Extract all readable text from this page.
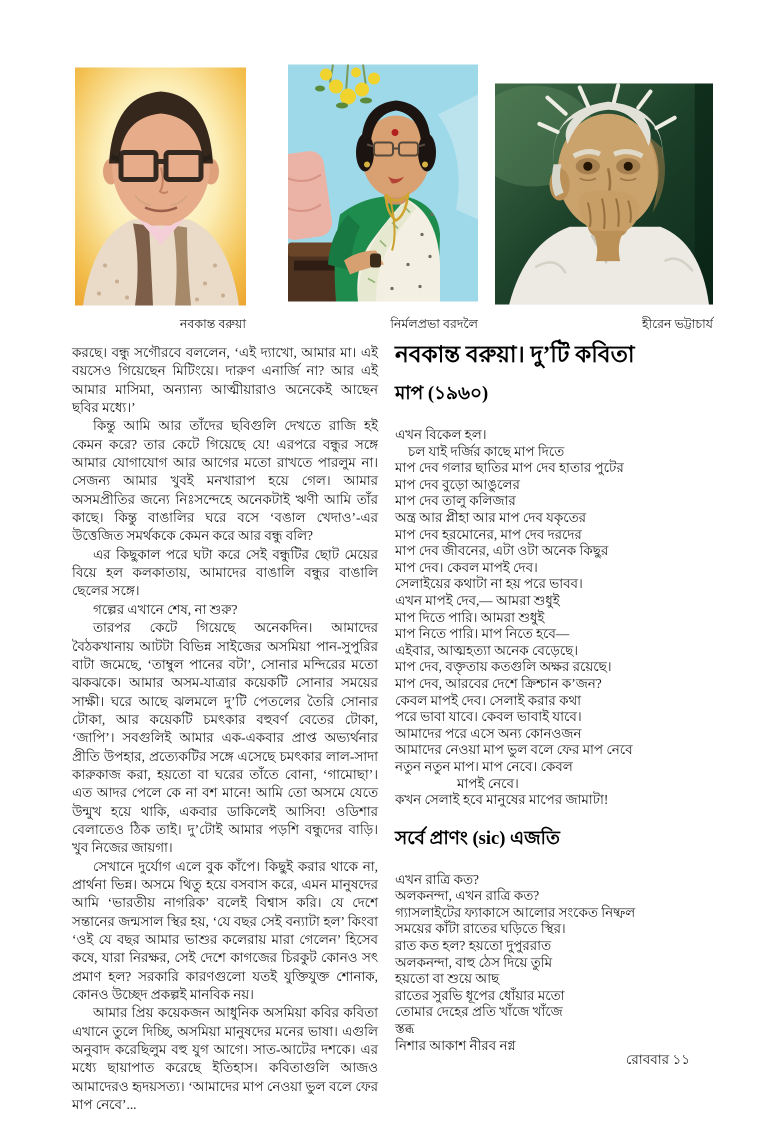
নবকান্ত বরুয়া	নির্মলপ্রভা বরদলৈ	হীরেন ভট্টাচার্য
করছে। বন্ধু সগৌরবে বললেন, ‘এই দ্যাখো, আমার মা। এই বয়সেও গিয়েছেন মিটিংয়ে। দারুণ এনার্জি না? আর এই আমার মাসিমা, অন্যান্য আত্মীয়ারাও অনেকেই আছেন ছবির মধ্যে।’
কিন্তু আমি আর তাঁদের ছবিগুলি দেখতে রাজি হই কেমন করে? তার কেটে গিয়েছে যে! এরপরে বন্ধুর সঙ্গে আমার যোগাযোগ আর আগের মতো রাখতে পারলুম না। সেজন্য আমার খুবই মনখারাপ হয়ে গেল। আমার অসমপ্রীতির জন্যে নিঃসন্দেহে অনেকটাই ঋণী আমি তাঁর কাছে। কিন্তু বাঙালির ঘরে বসে ‘বঙাল খেদাও’-এর উত্তেজিত সমর্থককে কেমন করে আর বন্ধু বলি?
এর কিছুকাল পরে ঘটা করে সেই বন্ধুটির ছোট মেয়ের বিয়ে হল কলকাতায়, আমাদের বাঙালি বন্ধুর বাঙালি ছেলের সঙ্গে।
গল্পের এখানে শেষ, না শুরু?
তারপর কেটে গিয়েছে অনেকদিন। আমাদের বৈঠকখানায় আটটা বিভিন্ন সাইজের অসমিয়া পান-সুপুরির বাটা জমেছে, ‘তাম্বুল পানের বটা’, সোনার মন্দিরের মতো ঝকঝকে। আমার অসম-যাত্রার কয়েকটি সোনার সময়ের সাক্ষী। ঘরে আছে ঝলমলে দু’টি পেতলের তৈরি সোনার টোকা, আর কয়েকটি চমৎকার বহুবর্ণ বেতের টোকা, ‘জাপি’। সবগুলিই আমার এক-একবার প্রাপ্ত অভ্যর্থনার প্রীতি উপহার, প্রত্যেকটির সঙ্গে এসেছে চমৎকার লাল-সাদা কারুকাজ করা, হয়তো বা ঘরের তাঁতে বোনা, ‘গামোছা’। এত আদর পেলে কে না বশ মানে! আমি তো অসমে যেতে উন্মুখ হয়ে থাকি, একবার ডাকিলেই আসিব! ওডিশার বেলাতেও ঠিক তাই। দু’টোই আমার পড়শি বন্ধুদের বাড়ি। খুব নিজের জায়গা।
সেখানে দুর্যোগ এলে বুক কাঁপে। কিছুই করার থাকে না, প্রার্থনা ভিন্ন। অসমে থিতু হয়ে বসবাস করে, এমন মানুষদের আমি ‘ভারতীয় নাগরিক’ বলেই বিশ্বাস করি। যে দেশে সন্তানের জন্মসাল স্থির হয়, ‘যে বছর সেই বন্যাটা হল’ কিংবা ‘ওই যে বছর আমার ভাশুর কলেরায় মারা গেলেন’ হিসেব কষে, যারা নিরক্ষর, সেই দেশে কাগজের চিরকুট কোনও সৎ প্রমাণ হল? সরকারি কারণগুলো যতই যুক্তিযুক্ত শোনাক, কোনও উচ্ছেদ প্রকল্পই মানবিক নয়।
আমার প্রিয় কয়েকজন আধুনিক অসমিয়া কবির কবিতা এখানে তুলে দিচ্ছি, অসমিয়া মানুষদের মনের ভাষা। এগুলি অনুবাদ করেছিলুম বহু যুগ আগে। সাত-আটের দশকে। এর মধ্যে ছায়াপাত করেছে ইতিহাস। কবিতাগুলি আজও আমাদেরও হৃদয়সত্য। ‘আমাদের মাপ নেওয়া ভুল বলে ফের মাপ নেবে’...
নবকান্ত বরুয়া। দু’টি কবিতা
মাপ (১৯৬০)
এখন বিকেল হল।
চল যাই দর্জির কাছে মাপ দিতে
মাপ দেব গলার ছাতির মাপ দেব হাতার পুটের
মাপ দেব বুড়ো আঙুলের
মাপ দেব তালু কলিজার
অন্ত্র আর প্লীহা আর মাপ দেব যকৃতের
মাপ দেব হরমোনের, মাপ দেব দরদের
মাপ দেব জীবনের, এটা ওটা অনেক কিছুর
মাপ দেব। কেবল মাপই দেব।
সেলাইয়ের কথাটা না হয় পরে ভাবব।
এখন মাপই দেব,— আমরা শুধুই
মাপ দিতে পারি। আমরা শুধুই
মাপ নিতে পারি। মাপ নিতে হবে—
এইবার, আত্মহত্যা অনেক বেড়েছে।
মাপ দেব, বক্তৃতায় কতগুলি অক্ষর রয়েছে।
মাপ দেব, আরবের দেশে ক্রিশ্চান ক’জন?
কেবল মাপই দেব। সেলাই করার কথা
পরে ভাবা যাবে। কেবল ভাবাই যাবে।
আমাদের পরে এসে অন্য কোনওজন
আমাদের নেওয়া মাপ ভুল বলে ফের মাপ নেবে
নতুন নতুন মাপ। মাপ নেবে। কেবল
মাপই নেবে।
কখন সেলাই হবে মানুষের মাপের জামাটা!
সর্বে প্রাণং (sic) এজতি
এখন রাত্রি কত?
অলকনন্দা, এখন রাত্রি কত?
গ্যাসলাইটের ফ্যাকাসে আলোর সংকেত নিষ্ফল
সময়ের কাঁটা রাতের ঘড়িতে স্থির।
রাত কত হল? হয়তো দুপুররাত
অলকনন্দা, বাহু ঠেস দিয়ে তুমি
হয়তো বা শুয়ে আছ
রাতের সুরভি ধূপের ধোঁয়ার মতো
তোমার দেহের প্রতি খাঁজে খাঁজে
স্তব্ধ
নিশার আকাশ নীরব নগ্ন
রোববার ১১
